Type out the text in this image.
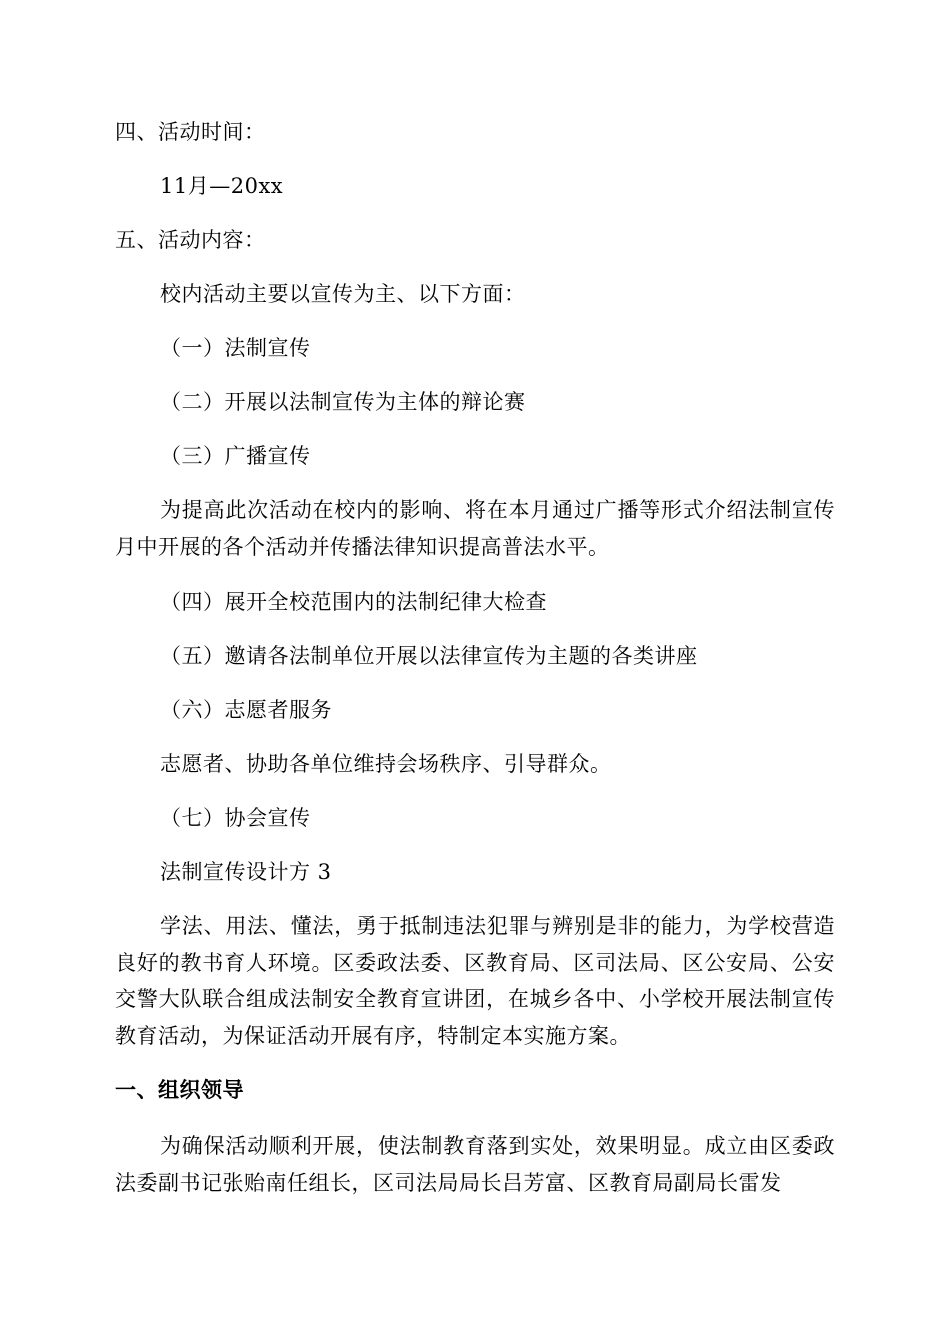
四、活动时间：
11月—20xx
五、活动内容：
校内活动主要以宣传为主、以下方面：
（一）法制宣传
（二）开展以法制宣传为主体的辩论赛
（三）广播宣传
为提高此次活动在校内的影响、将在本月通过广播等形式介绍法制宣传月中开展的各个活动并传播法律知识提高普法水平。
（四）展开全校范围内的法制纪律大检查
（五）邀请各法制单位开展以法律宣传为主题的各类讲座
（六）志愿者服务
志愿者、协助各单位维持会场秩序、引导群众。
（七）协会宣传
法制宣传设计方 3
学法、用法、懂法，勇于抵制违法犯罪与辨别是非的能力，为学校营造良好的教书育人环境。区委政法委、区教育局、区司法局、区公安局、公安交警大队联合组成法制安全教育宣讲团，在城乡各中、小学校开展法制宣传教育活动，为保证活动开展有序，特制定本实施方案。
一、组织领导
为确保活动顺利开展，使法制教育落到实处，效果明显。成立由区委政法委副书记张贻南任组长，区司法局局长吕芳富、区教育局副局长雷发
